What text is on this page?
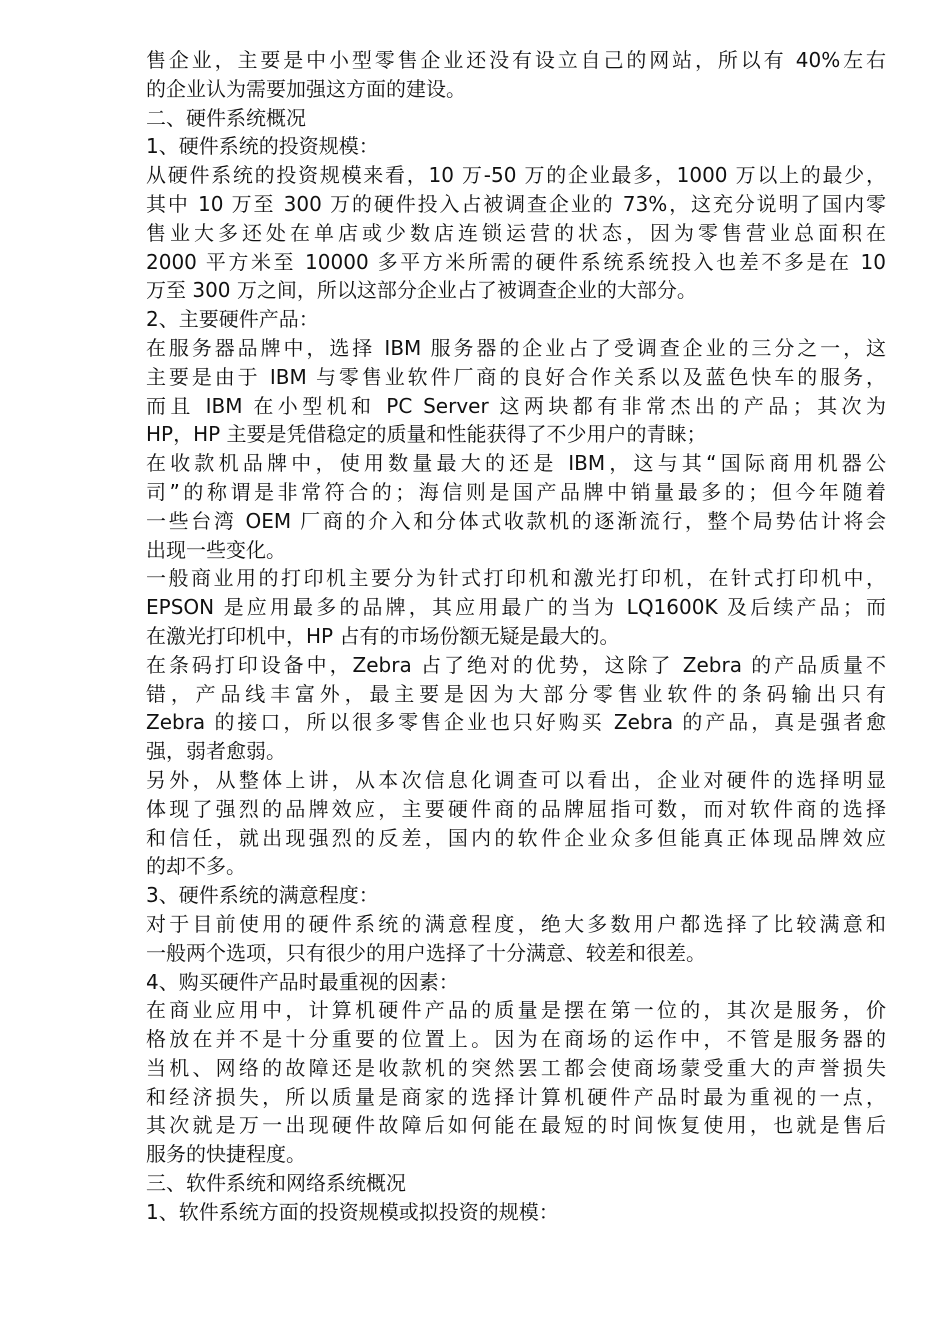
售企业，主要是中小型零售企业还没有设立自己的网站，所以有 40%左右
的企业认为需要加强这方面的建设。
二、硬件系统概况
1、硬件系统的投资规模：
从硬件系统的投资规模来看，10 万-50 万的企业最多，1000 万以上的最少，
其中 10 万至 300 万的硬件投入占被调查企业的 73%，这充分说明了国内零
售业大多还处在单店或少数店连锁运营的状态，因为零售营业总面积在
2000 平方米至 10000 多平方米所需的硬件系统系统投入也差不多是在 10
万至 300 万之间，所以这部分企业占了被调查企业的大部分。
2、主要硬件产品：
在服务器品牌中，选择 IBM 服务器的企业占了受调查企业的三分之一，这
主要是由于 IBM 与零售业软件厂商的良好合作关系以及蓝色快车的服务，
而且 IBM 在小型机和 PC Server 这两块都有非常杰出的产品；其次为
HP，HP 主要是凭借稳定的质量和性能获得了不少用户的青睐；
在收款机品牌中，使用数量最大的还是 IBM，这与其“国际商用机器公
司”的称谓是非常符合的；海信则是国产品牌中销量最多的；但今年随着
一些台湾 OEM 厂商的介入和分体式收款机的逐渐流行，整个局势估计将会
出现一些变化。
一般商业用的打印机主要分为针式打印机和激光打印机，在针式打印机中，
EPSON 是应用最多的品牌，其应用最广的当为 LQ1600K 及后续产品；而
在激光打印机中，HP 占有的市场份额无疑是最大的。
在条码打印设备中，Zebra 占了绝对的优势，这除了 Zebra 的产品质量不
错，产品线丰富外，最主要是因为大部分零售业软件的条码输出只有
Zebra 的接口，所以很多零售企业也只好购买 Zebra 的产品，真是强者愈
强，弱者愈弱。
另外，从整体上讲，从本次信息化调查可以看出，企业对硬件的选择明显
体现了强烈的品牌效应，主要硬件商的品牌屈指可数，而对软件商的选择
和信任，就出现强烈的反差，国内的软件企业众多但能真正体现品牌效应
的却不多。
3、硬件系统的满意程度：
对于目前使用的硬件系统的满意程度，绝大多数用户都选择了比较满意和
一般两个选项，只有很少的用户选择了十分满意、较差和很差。
4、购买硬件产品时最重视的因素：
在商业应用中，计算机硬件产品的质量是摆在第一位的，其次是服务，价
格放在并不是十分重要的位置上。因为在商场的运作中，不管是服务器的
当机、网络的故障还是收款机的突然罢工都会使商场蒙受重大的声誉损失
和经济损失，所以质量是商家的选择计算机硬件产品时最为重视的一点，
其次就是万一出现硬件故障后如何能在最短的时间恢复使用，也就是售后
服务的快捷程度。
三、软件系统和网络系统概况
1、软件系统方面的投资规模或拟投资的规模：
